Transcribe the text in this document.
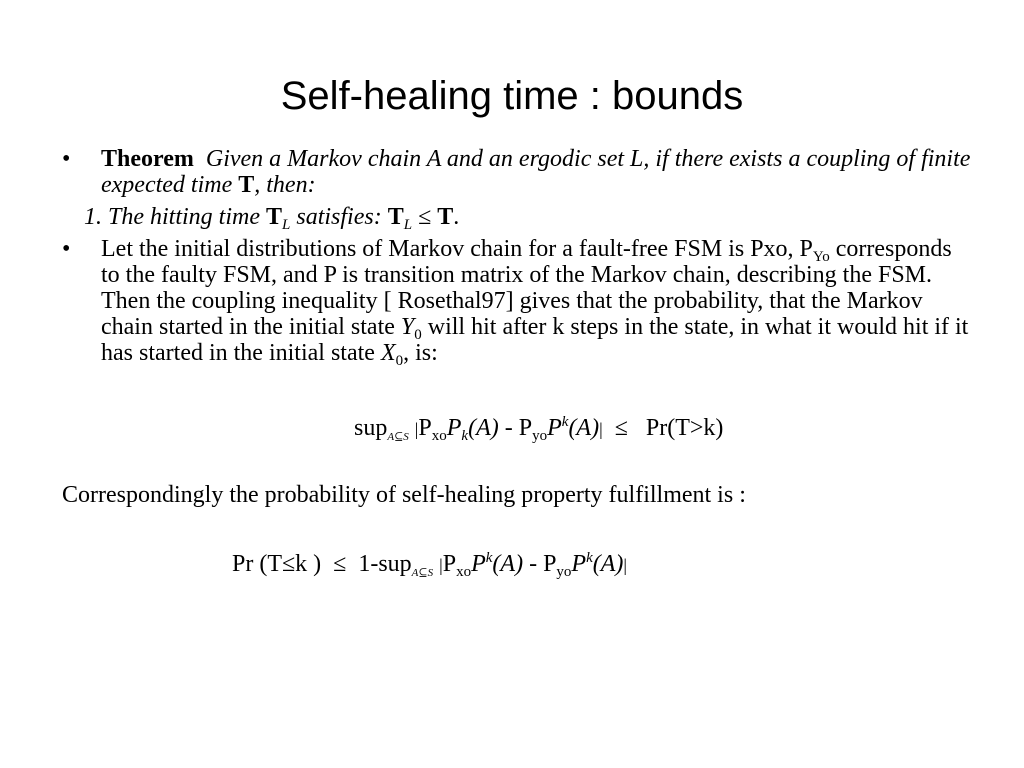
Self-healing time : bounds
• Theorem Given a Markov chain A and an ergodic set L, if there exists a coupling of finite expected time T, then:
1. The hitting time $T_L$ satisfies: $T_L \le T$.
• Let the initial distributions of Markov chain for a fault-free FSM is Pxo, $P_{Yo}$ corresponds to the faulty FSM, and P is transition matrix of the Markov chain, describing the FSM. Then the coupling inequality [ Rosethal97] gives that the probability, that the Markov chain started in the initial state $Y_0$ will hit after k steps in the state, in what it would hit if it has started in the initial state $X_0$, is:
sup$_{A⊆S}$ $|P_{xo}P_k(A) - P_{yo}P^k(A)| \le Pr(T>k)$
Correspondingly the probability of self-healing property fulfillment is :
Pr (T≤k )  ≤  1-sup$_{A⊆S}$ $|P_{xo}P^k(A) - P_{yo}P^k(A)|$
